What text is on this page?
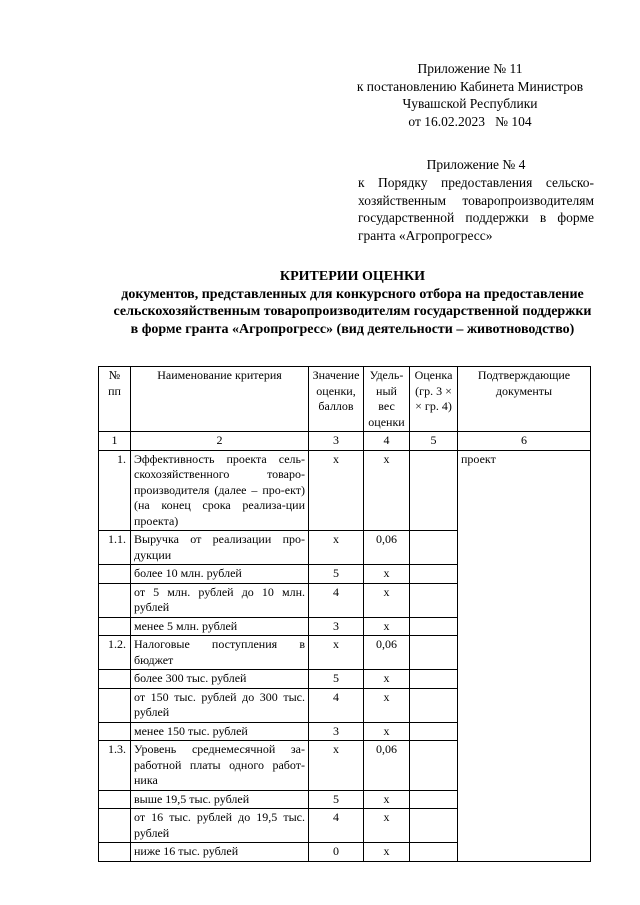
Приложение № 11
к постановлению Кабинета Министров
Чувашской Республики
от 16.02.2023   № 104
Приложение № 4
к Порядку предоставления сельско-хозяйственным товаропроизводителям государственной поддержки в форме гранта «Агропрогресс»
КРИТЕРИИ ОЦЕНКИ
документов, представленных для конкурсного отбора на предоставление
сельскохозяйственным товаропроизводителям государственной поддержки
в форме гранта «Агропрогресс» (вид деятельности – животноводство)
№ пп	Наименование критерия	Значение оценки, баллов	Удель-ный вес оценки	Оценка (гр. 3 × × гр. 4)	Подтверждающие документы
1	2	3	4	5	6
1.	Эффективность проекта сель-скохозяйственного товаро-производителя (далее – про-ект) (на конец срока реализа-ции проекта)	х	х		проект
1.1.	Выручка от реализации про-дукции	х	0,06		
	более 10 млн. рублей	5	х		
	от 5 млн. рублей до 10 млн. рублей	4	х		
	менее 5 млн. рублей	3	х		
1.2.	Налоговые поступления в бюджет	х	0,06		
	более 300 тыс. рублей	5	х		
	от 150 тыс. рублей до 300 тыс. рублей	4	х		
	менее 150 тыс. рублей	3	х		
1.3.	Уровень среднемесячной за-работной платы одного работ-ника	х	0,06		
	выше 19,5 тыс. рублей	5	х		
	от 16 тыс. рублей до 19,5 тыс. рублей	4	х		
	ниже 16 тыс. рублей	0	х		
